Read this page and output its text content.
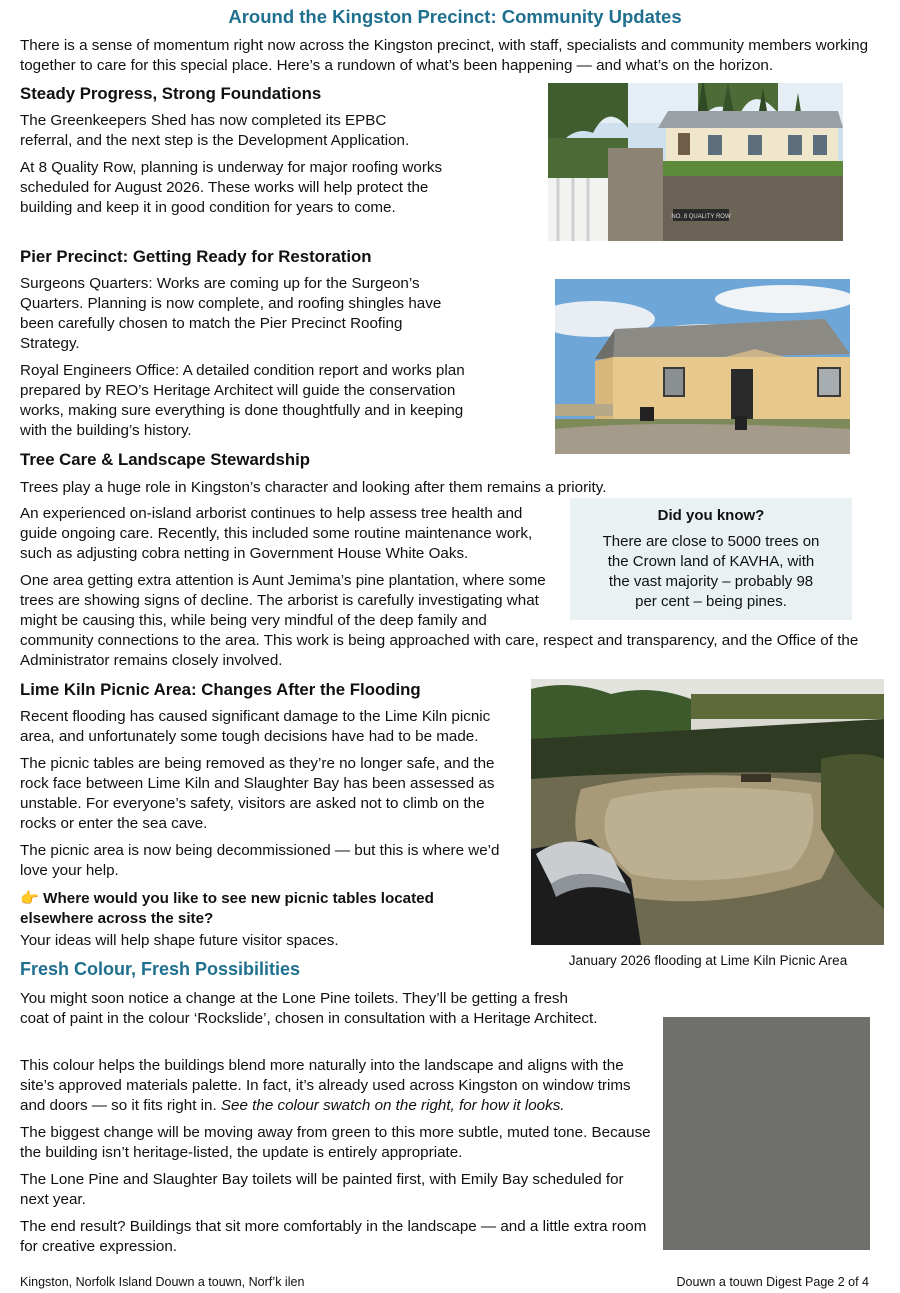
Around the Kingston Precinct: Community Updates

There is a sense of momentum right now across the Kingston precinct, with staff, specialists and community members working together to care for this special place. Here’s a rundown of what’s been happening — and what’s on the horizon.

Steady Progress, Strong Foundations

The Greenkeepers Shed has now completed its EPBC referral, and the next step is the Development Application.

At 8 Quality Row, planning is underway for major roofing works scheduled for August 2026. These works will help protect the building and keep it in good condition for years to come.

NO. 8 QUALITY ROW
Pier Precinct: Getting Ready for Restoration

Surgeons Quarters: Works are coming up for the Surgeon’s Quarters. Planning is now complete, and roofing shingles have been carefully chosen to match the Pier Precinct Roofing Strategy.

Royal Engineers Office: A detailed condition report and works plan prepared by REO’s Heritage Architect will guide the conservation works, making sure everything is done thoughtfully and in keeping with the building’s history.

Tree Care & Landscape Stewardship

Trees play a huge role in Kingston’s character and looking after them remains a priority.

An experienced on-island arborist continues to help assess tree health and guide ongoing care. Recently, this included some routine maintenance work, such as adjusting cobra netting in Government House White Oaks.

One area getting extra attention is Aunt Jemima’s pine plantation, where some trees are showing signs of decline. The arborist is carefully investigating what might be causing this, while being very mindful of the deep family and

community connections to the area. This work is being approached with care, respect and transparency, and the Office of the Administrator remains closely involved.

Did you know?
There are close to 5000 trees on the Crown land of KAVHA, with the vast majority – probably 98 per cent – being pines.
Lime Kiln Picnic Area: Changes After the Flooding

Recent flooding has caused significant damage to the Lime Kiln picnic area, and unfortunately some tough decisions have had to be made.

The picnic tables are being removed as they’re no longer safe, and the rock face between Lime Kiln and Slaughter Bay has been assessed as unstable. For everyone’s safety, visitors are asked not to climb on the rocks or enter the sea cave.

The picnic area is now being decommissioned — but this is where we’d love your help.

👉 Where would you like to see new picnic tables located elsewhere across the site?

Your ideas will help shape future visitor spaces.

January 2026 flooding at Lime Kiln Picnic Area
Fresh Colour, Fresh Possibilities

You might soon notice a change at the Lone Pine toilets. They’ll be getting a fresh coat of paint in the colour ‘Rockslide’, chosen in consultation with a Heritage Architect.

This colour helps the buildings blend more naturally into the landscape and aligns with the site’s approved materials palette. In fact, it’s already used across Kingston on window trims and doors — so it fits right in. See the colour swatch on the right, for how it looks.

The biggest change will be moving away from green to this more subtle, muted tone. Because the building isn’t heritage-listed, the update is entirely appropriate.

The Lone Pine and Slaughter Bay toilets will be painted first, with Emily Bay scheduled for next year.

The end result? Buildings that sit more comfortably in the landscape — and a little extra room for creative expression.

Kingston, Norfolk Island Douwn a touwn, Norf’k ilen	Douwn a touwn Digest Page 2 of 4
